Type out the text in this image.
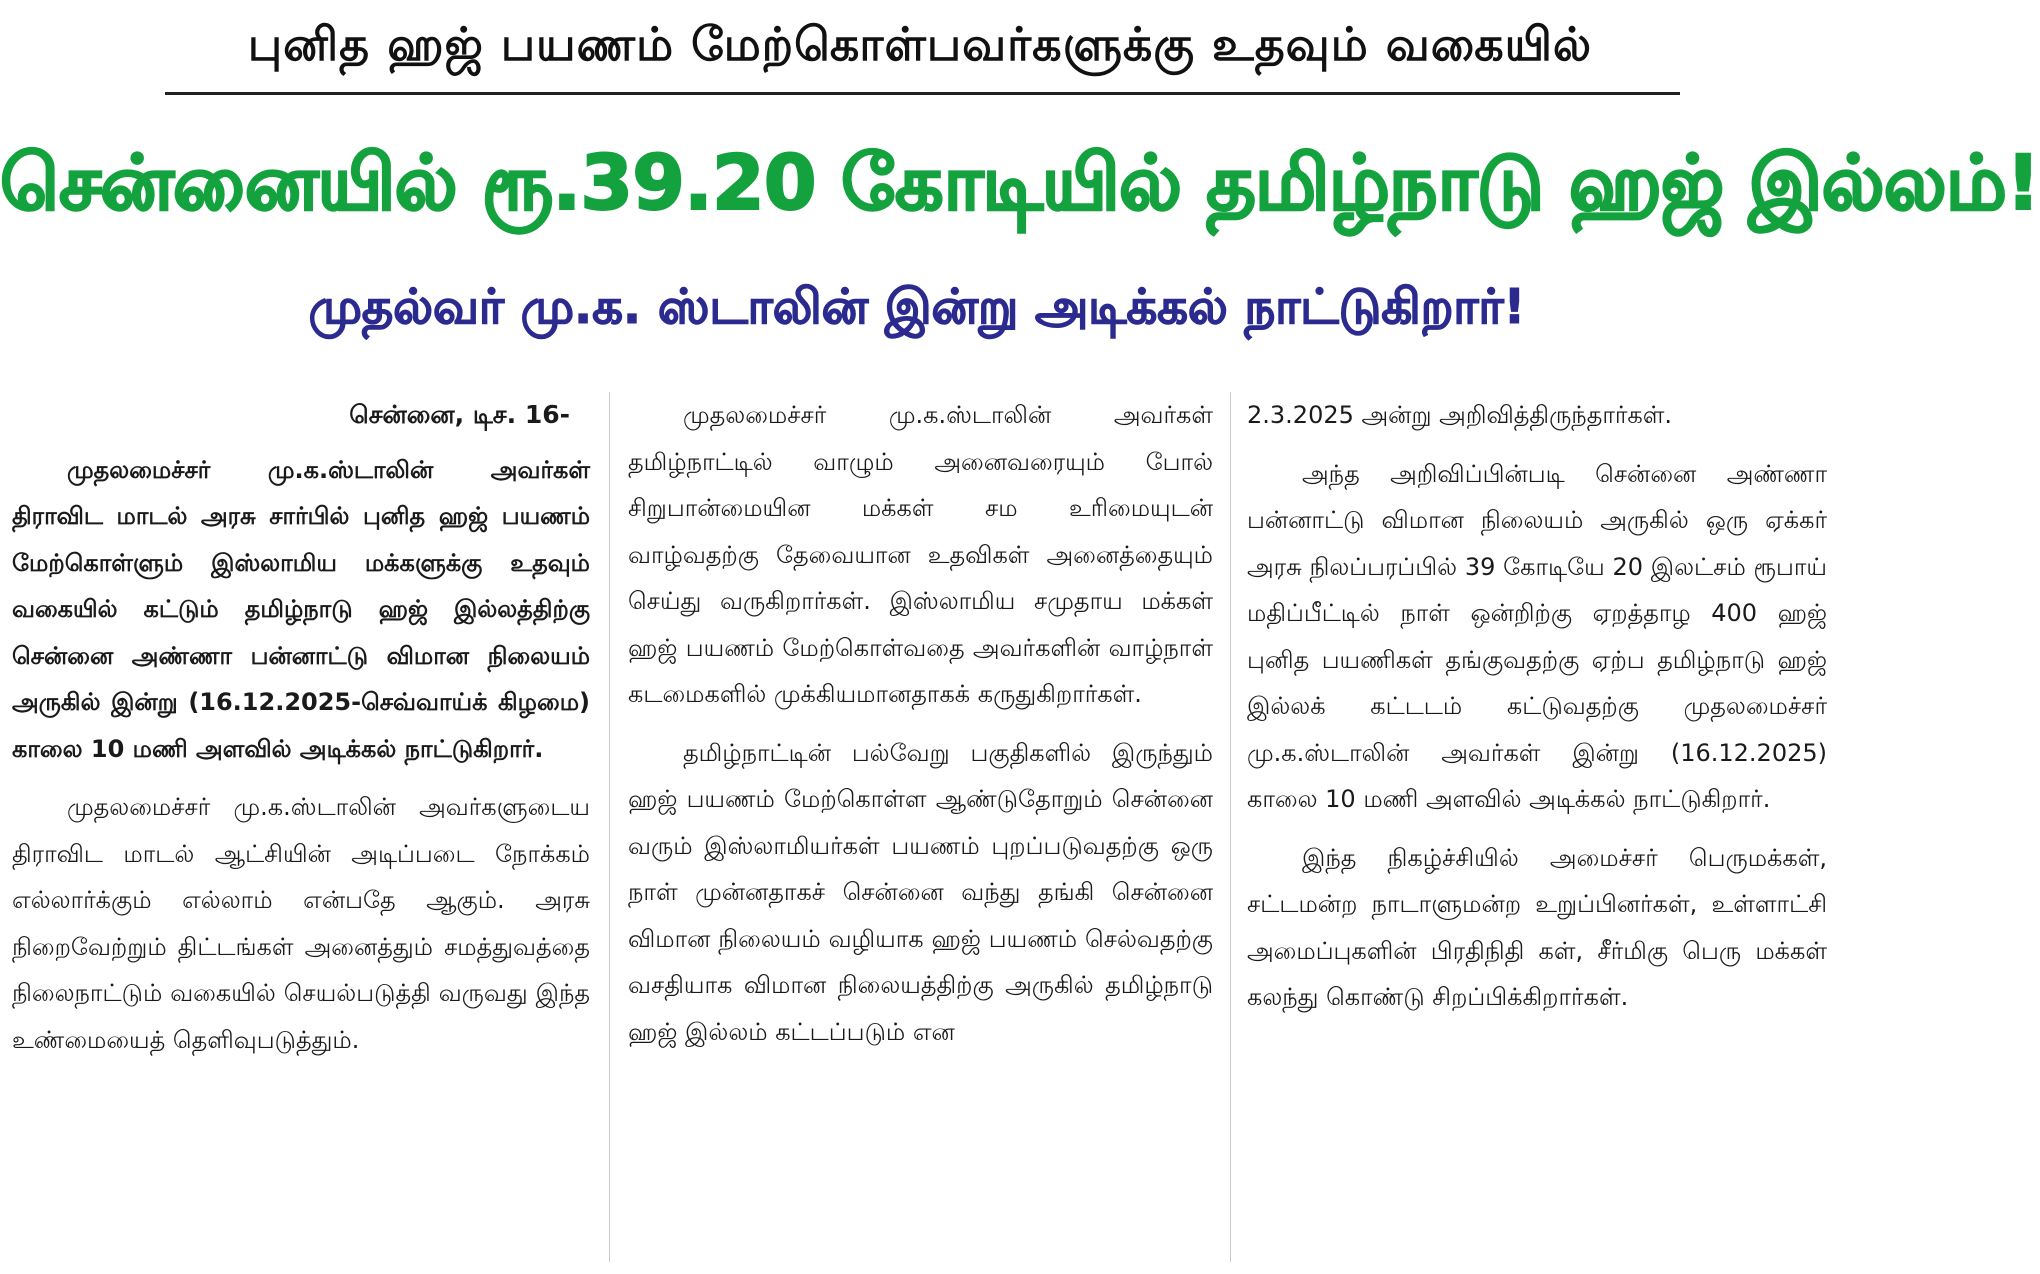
புனித ஹஜ் பயணம் மேற்கொள்பவர்களுக்கு உதவும் வகையில்
சென்னையில் ரூ.39.20 கோடியில் தமிழ்நாடு ஹஜ் இல்லம்!
முதல்வர் மு.க. ஸ்டாலின் இன்று அடிக்கல் நாட்டுகிறார்!
சென்னை, டிச. 16-

முதலமைச்சர் மு.க.ஸ்டாலின் அவர்கள் திராவிட மாடல் அரசு சார்பில் புனித ஹஜ் பயணம் மேற்கொள்ளும் இஸ்லாமிய மக்களுக்கு உதவும் வகையில் கட்டும் தமிழ்நாடு ஹஜ் இல்லத்திற்கு சென்னை அண்ணா பன்னாட்டு விமான நிலையம் அருகில் இன்று (16.12.2025-செவ்வாய்க் கிழமை) காலை 10 மணி அளவில் அடிக்கல் நாட்டுகிறார்.

முதலமைச்சர் மு.க.ஸ்டாலின் அவர்களுடைய திராவிட மாடல் ஆட்சியின் அடிப்படை நோக்கம் எல்லார்க்கும் எல்லாம் என்பதே ஆகும். அரசு நிறைவேற்றும் திட்டங்கள் அனைத்தும் சமத்துவத்தை நிலைநாட்டும் வகையில் செயல்படுத்தி வருவது இந்த உண்மையைத் தெளிவுபடுத்தும்.

முதலமைச்சர் மு.க.ஸ்டாலின் அவர்கள் தமிழ்நாட்டில் வாழும் அனைவரையும் போல் சிறுபான்மையின மக்கள் சம உரிமையுடன் வாழ்வதற்கு தேவையான உதவிகள் அனைத்தையும் செய்து வருகிறார்கள். இஸ்லாமிய சமுதாய மக்கள் ஹஜ் பயணம் மேற்கொள்வதை அவர்களின் வாழ்நாள் கடமைகளில் முக்கியமானதாகக் கருதுகிறார்கள்.

தமிழ்நாட்டின் பல்வேறு பகுதிகளில் இருந்தும் ஹஜ் பயணம் மேற்கொள்ள ஆண்டுதோறும் சென்னை வரும் இஸ்லாமியர்கள் பயணம் புறப்படுவதற்கு ஒரு நாள் முன்னதாகச் சென்னை வந்து தங்கி சென்னை விமான நிலையம் வழியாக ஹஜ் பயணம் செல்வதற்கு வசதியாக விமான நிலையத்திற்கு அருகில் தமிழ்நாடு ஹஜ் இல்லம் கட்டப்படும் என

2.3.2025 அன்று அறிவித்திருந்தார்கள்.

அந்த அறிவிப்பின்படி சென்னை அண்ணா பன்னாட்டு விமான நிலையம் அருகில் ஒரு ஏக்கர் அரசு நிலப்பரப்பில் 39 கோடியே 20 இலட்சம் ரூபாய் மதிப்பீட்டில் நாள் ஒன்றிற்கு ஏறத்தாழ 400 ஹஜ் புனித பயணிகள் தங்குவதற்கு ஏற்ப தமிழ்நாடு ஹஜ் இல்லக் கட்டடம் கட்டுவதற்கு முதலமைச்சர் மு.க.ஸ்டாலின் அவர்கள் இன்று (16.12.2025) காலை 10 மணி அளவில் அடிக்கல் நாட்டுகிறார்.

இந்த நிகழ்ச்சியில் அமைச்சர் பெருமக்கள், சட்டமன்ற நாடாளுமன்ற உறுப்பினர்கள், உள்ளாட்சி அமைப்புகளின் பிரதிநிதி கள், சீர்மிகு பெரு மக்கள் கலந்து கொண்டு சிறப்பிக்கிறார்கள்.
